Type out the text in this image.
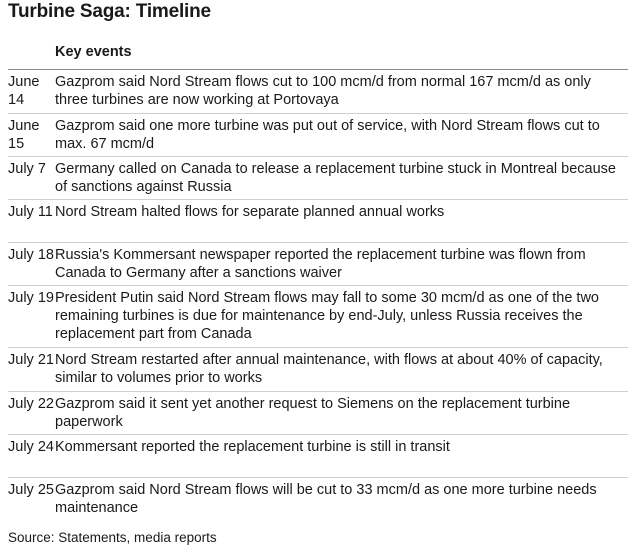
Turbine Saga: Timeline
Key events
June 14
Gazprom said Nord Stream flows cut to 100 mcm/d from normal 167 mcm/d as only three turbines are now working at Portovaya
June 15
Gazprom said one more turbine was put out of service, with Nord Stream flows cut to max. 67 mcm/d
July 7 Germany called on Canada to release a replacement turbine stuck in Montreal because of sanctions against Russia
July 11 Nord Stream halted flows for separate planned annual works
July 18 Russia's Kommersant newspaper reported the replacement turbine was flown from Canada to Germany after a sanctions waiver
July 19 President Putin said Nord Stream flows may fall to some 30 mcm/d as one of the two remaining turbines is due for maintenance by end-July, unless Russia receives the replacement part from Canada
July 21 Nord Stream restarted after annual maintenance, with flows at about 40% of capacity, similar to volumes prior to works
July 22 Gazprom said it sent yet another request to Siemens on the replacement turbine paperwork
July 24 Kommersant reported the replacement turbine is still in transit
July 25 Gazprom said Nord Stream flows will be cut to 33 mcm/d as one more turbine needs maintenance
Source: Statements, media reports
